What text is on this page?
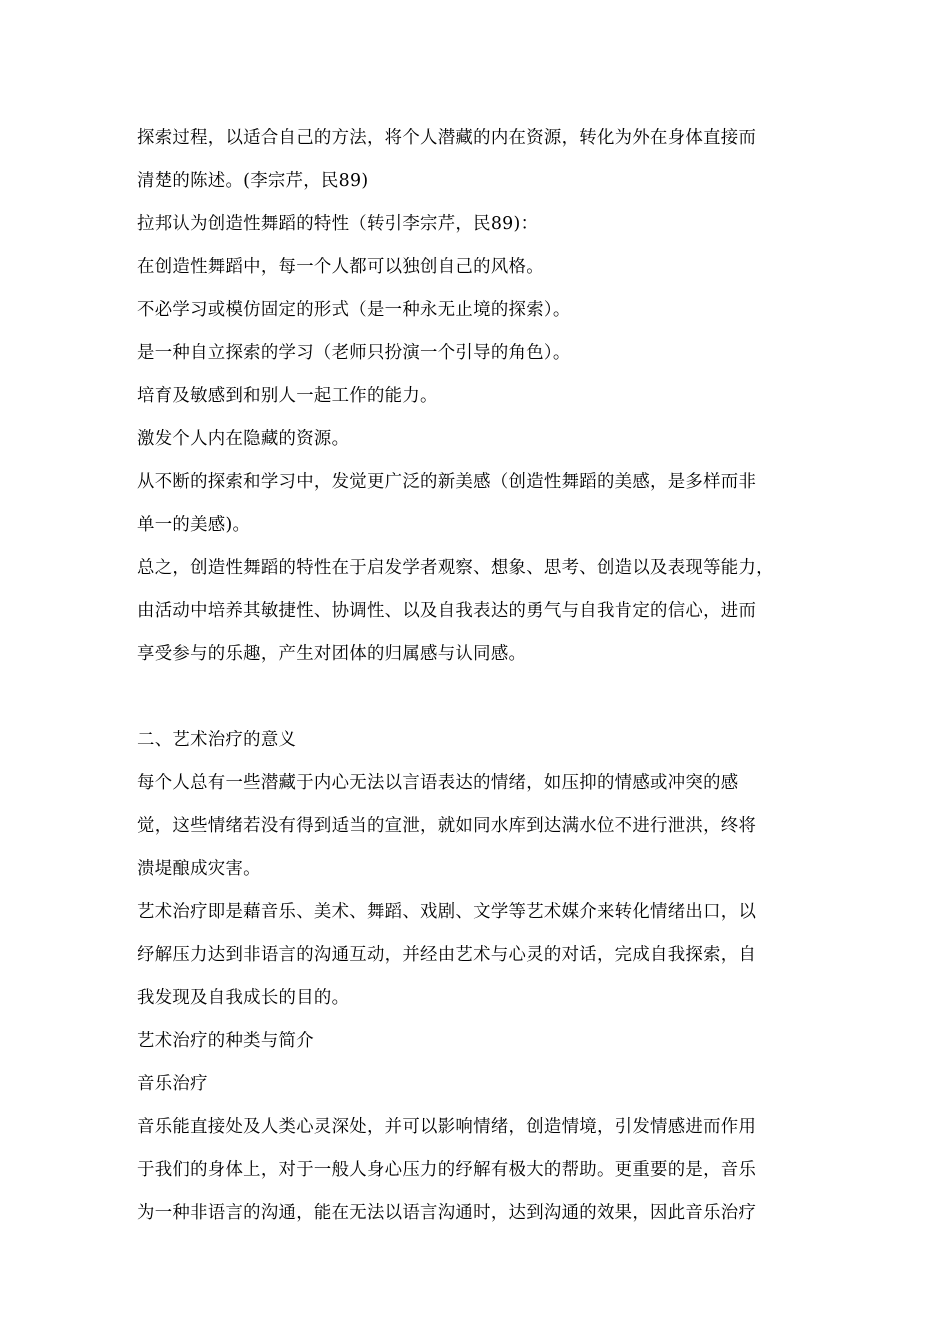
探索过程，以适合自己的方法，将个人潜藏的内在资源，转化为外在身体直接而

清楚的陈述。(李宗芹，民89)

拉邦认为创造性舞蹈的特性（转引李宗芹，民89)：

在创造性舞蹈中，每一个人都可以独创自己的风格。

不必学习或模仿固定的形式（是一种永无止境的探索）。

是一种自立探索的学习（老师只扮演一个引导的角色）。

培育及敏感到和别人一起工作的能力。

激发个人内在隐藏的资源。

从不断的探索和学习中，发觉更广泛的新美感（创造性舞蹈的美感，是多样而非

单一的美感)。

总之，创造性舞蹈的特性在于启发学者观察、想象、思考、创造以及表现等能力，

由活动中培养其敏捷性、协调性、以及自我表达的勇气与自我肯定的信心，进而

享受参与的乐趣，产生对团体的归属感与认同感。

二、艺术治疗的意义

每个人总有一些潜藏于内心无法以言语表达的情绪，如压抑的情感或冲突的感

觉，这些情绪若没有得到适当的宣泄，就如同水库到达满水位不进行泄洪，终将

溃堤酿成灾害。

艺术治疗即是藉音乐、美术、舞蹈、戏剧、文学等艺术媒介来转化情绪出口，以

纾解压力达到非语言的沟通互动，并经由艺术与心灵的对话，完成自我探索，自

我发现及自我成长的目的。

艺术治疗的种类与简介

音乐治疗

音乐能直接处及人类心灵深处，并可以影响情绪，创造情境，引发情感进而作用

于我们的身体上，对于一般人身心压力的纾解有极大的帮助。更重要的是，音乐

为一种非语言的沟通，能在无法以语言沟通时，达到沟通的效果，因此音乐治疗
